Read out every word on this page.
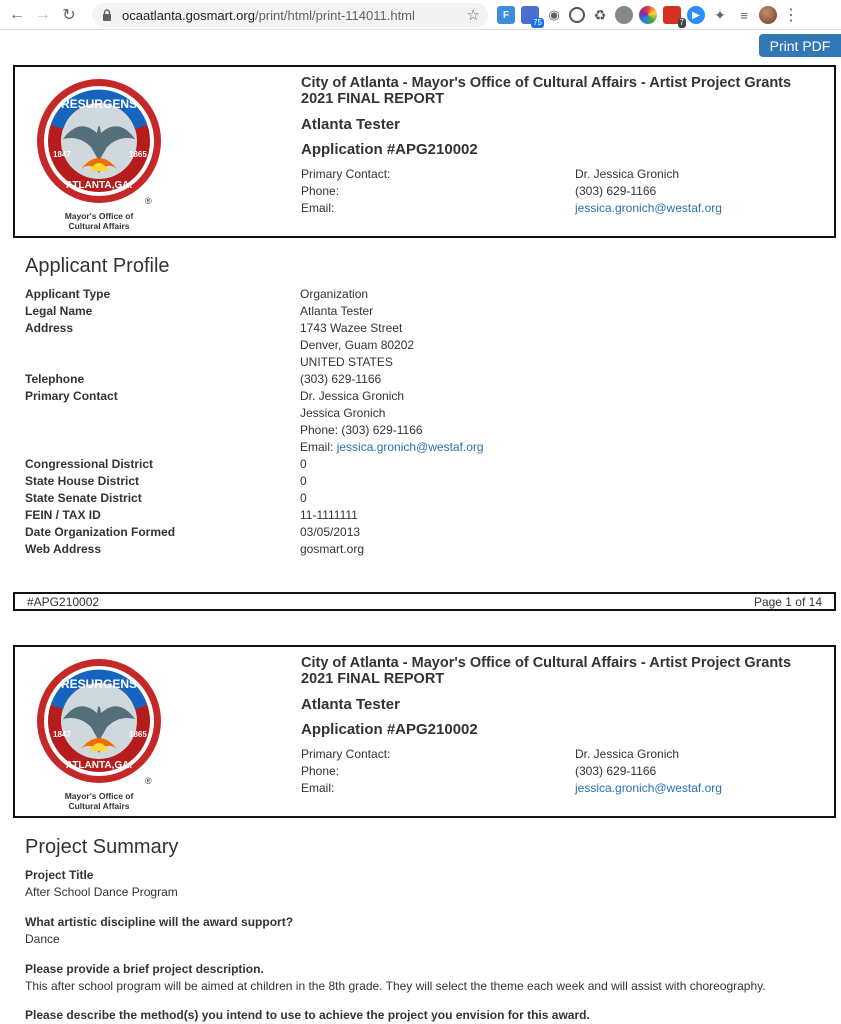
← → ↻	ocaatlanta.gosmart.org/print/html/print-114011.html	☆	F
75
◉ ♻	7
▶	✦	≡	⋮
Print PDF
RESURGENS
ATLANTA,GA.
1847	1865
®
Mayor's Office of
Cultural Affairs
City of Atlanta - Mayor's Office of Cultural Affairs - Artist Project Grants 2021 FINAL REPORT
Atlanta Tester
Application #APG210002
Primary Contact:	Dr. Jessica Gronich
Phone:	(303) 629-1166
Email:	jessica.gronich@westaf.org
Applicant Profile
Applicant Type	Organization
Legal Name	Atlanta Tester
Address	1743 Wazee Street
Denver, Guam 80202
UNITED STATES
Telephone	(303) 629-1166
Primary Contact	Dr. Jessica Gronich
Jessica Gronich
Phone: (303) 629-1166
Email: jessica.gronich@westaf.org
Congressional District	0
State House District	0
State Senate District	0
FEIN / TAX ID	11-1111111
Date Organization Formed	03/05/2013
Web Address	gosmart.org
#APG210002	Page 1 of 14
RESURGENS
ATLANTA,GA.
1847	1865
®
Mayor's Office of
Cultural Affairs
City of Atlanta - Mayor's Office of Cultural Affairs - Artist Project Grants 2021 FINAL REPORT
Atlanta Tester
Application #APG210002
Primary Contact:	Dr. Jessica Gronich
Phone:	(303) 629-1166
Email:	jessica.gronich@westaf.org
Project Summary
Project Title
After School Dance Program
What artistic discipline will the award support?
Dance
Please provide a brief project description.
This after school program will be aimed at children in the 8th grade. They will select the theme each week and will assist with choreography.
Please describe the method(s) you intend to use to achieve the project you envision for this award.
